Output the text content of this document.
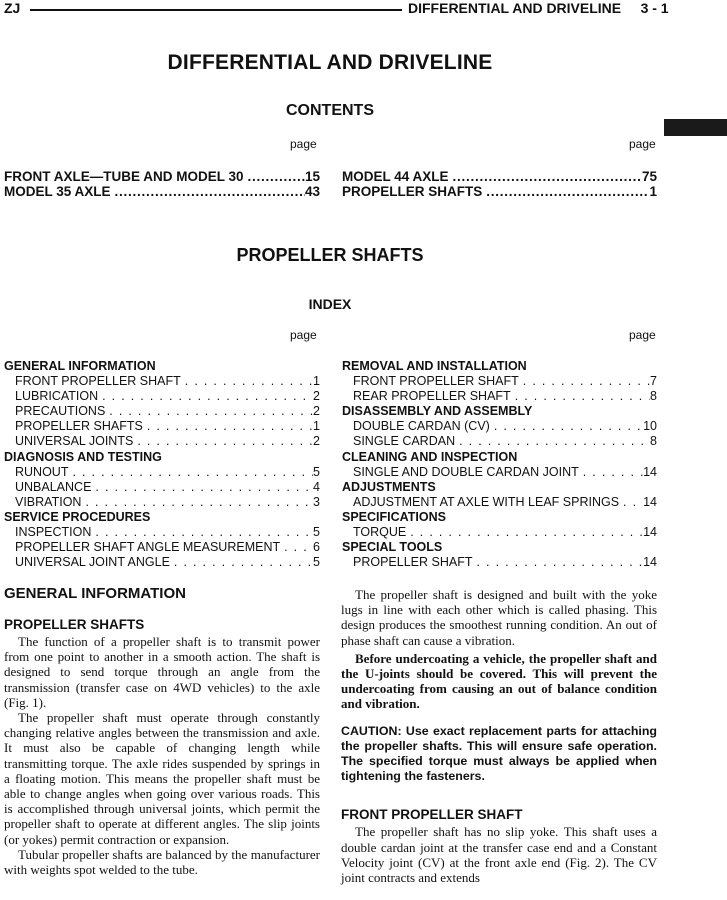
ZJ	DIFFERENTIAL AND DRIVELINE     3 - 1
DIFFERENTIAL AND DRIVELINE
CONTENTS
page	page
FRONT AXLE—TUBE AND MODEL 30 . . .	15
MODEL 35 AXLE . . .	43
MODEL 44 AXLE . . .	75
PROPELLER SHAFTS . . .	1
PROPELLER SHAFTS
INDEX
page	page
GENERAL INFORMATION
FRONT PROPELLER SHAFT . . .	1
LUBRICATION . . .	2
PRECAUTIONS . . .	2
PROPELLER SHAFTS . . .	1
UNIVERSAL JOINTS . . .	2
DIAGNOSIS AND TESTING
RUNOUT . . .	5
UNBALANCE . . .	4
VIBRATION . . .	3
SERVICE PROCEDURES
INSPECTION . . .	5
PROPELLER SHAFT ANGLE MEASUREMENT . . .	6
UNIVERSAL JOINT ANGLE . . .	5
REMOVAL AND INSTALLATION
FRONT PROPELLER SHAFT . . .	7
REAR PROPELLER SHAFT . . .	8
DISASSEMBLY AND ASSEMBLY
DOUBLE CARDAN (CV) . . .	10
SINGLE CARDAN . . .	8
CLEANING AND INSPECTION
SINGLE AND DOUBLE CARDAN JOINT . . .	14
ADJUSTMENTS
ADJUSTMENT AT AXLE WITH LEAF SPRINGS . . . 14
SPECIFICATIONS
TORQUE . . .	14
SPECIAL TOOLS
PROPELLER SHAFT . . .	14
GENERAL INFORMATION
PROPELLER SHAFTS

The function of a propeller shaft is to transmit power from one point to another in a smooth action. The shaft is designed to send torque through an angle from the transmission (transfer case on 4WD vehicles) to the axle (Fig. 1).

The propeller shaft must operate through constantly changing relative angles between the transmission and axle. It must also be capable of changing length while transmitting torque. The axle rides suspended by springs in a floating motion. This means the propeller shaft must be able to change angles when going over various roads. This is accomplished through universal joints, which permit the propeller shaft to operate at different angles. The slip joints (or yokes) permit contraction or expansion.

Tubular propeller shafts are balanced by the manufacturer with weights spot welded to the tube.

The propeller shaft is designed and built with the yoke lugs in line with each other which is called phasing. This design produces the smoothest running condition. An out of phase shaft can cause a vibration.

Before undercoating a vehicle, the propeller shaft and the U-joints should be covered. This will prevent the undercoating from causing an out of balance condition and vibration.

CAUTION: Use exact replacement parts for attaching the propeller shafts. This will ensure safe operation. The specified torque must always be applied when tightening the fasteners.

FRONT PROPELLER SHAFT

The propeller shaft has no slip yoke. This shaft uses a double cardan joint at the transfer case end and a Constant Velocity joint (CV) at the front axle end (Fig. 2). The CV joint contracts and extends
